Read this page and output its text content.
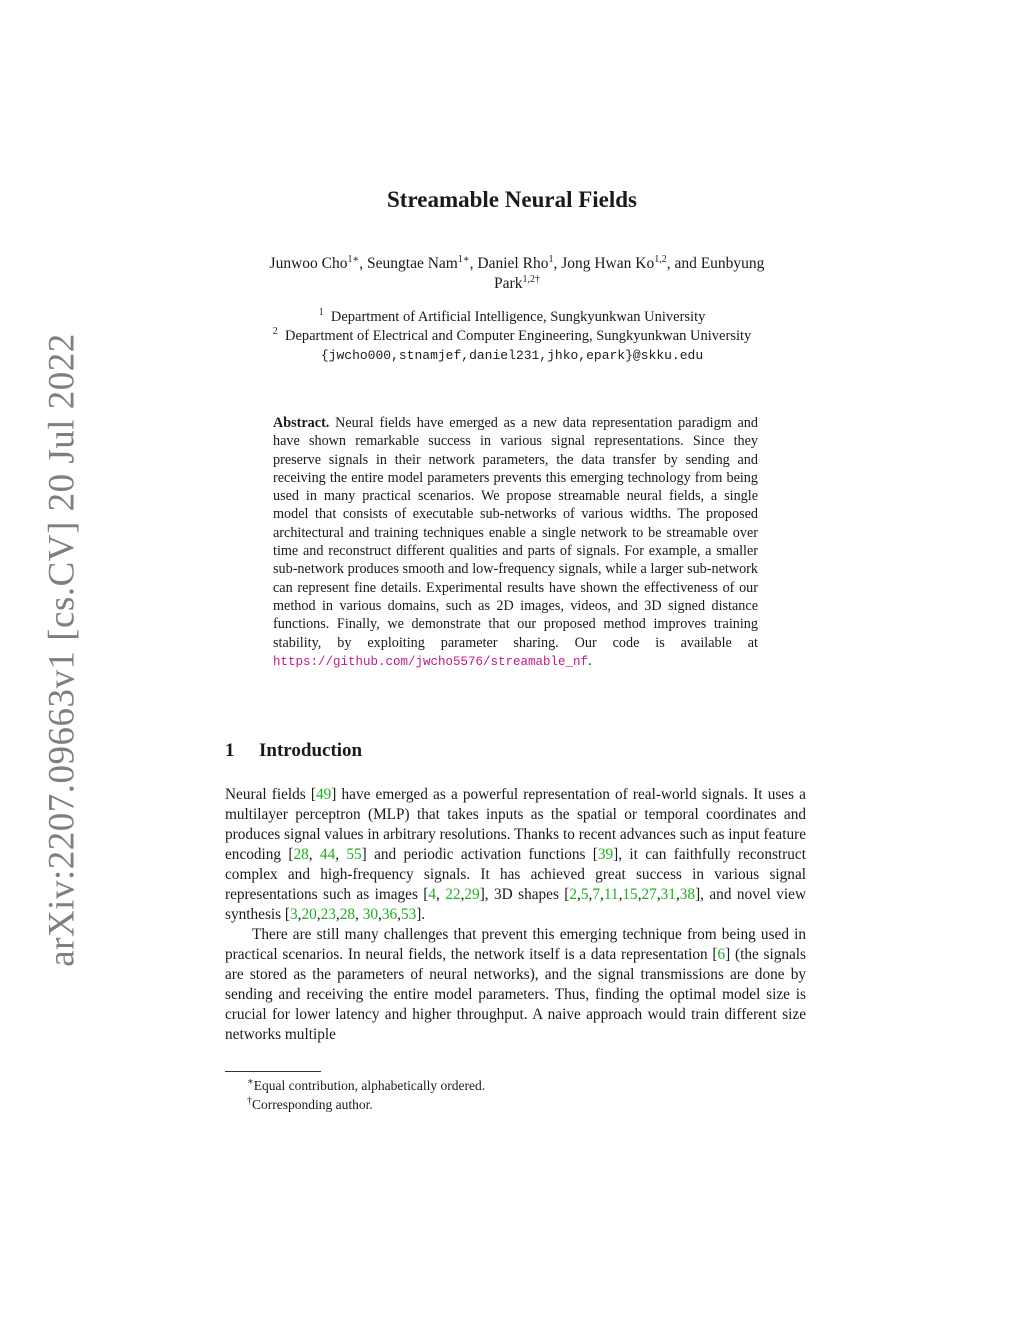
arXiv:2207.09663v1 [cs.CV] 20 Jul 2022
Streamable Neural Fields
Junwoo Cho$^{1∗}$, Seungtae Nam$^{1∗}$, Daniel Rho$^1$, Jong Hwan Ko$^{1,2}$, and Eunbyung
Park$^{1,2\dagger}$
$^1$ Department of Artificial Intelligence, Sungkyunkwan University
$^2$ Department of Electrical and Computer Engineering, Sungkyunkwan University
{jwcho000,stnamjef,daniel231,jhko,epark}@skku.edu
Abstract. Neural fields have emerged as a new data representation paradigm and have shown remarkable success in various signal representations. Since they preserve signals in their network parameters, the data transfer by sending and receiving the entire model parameters prevents this emerging technology from being used in many practical scenarios. We propose streamable neural fields, a single model that consists of executable sub-networks of various widths. The proposed architectural and training techniques enable a single network to be streamable over time and reconstruct different qualities and parts of signals. For example, a smaller sub-network produces smooth and low-frequency signals, while a larger sub-network can represent fine details. Experimental results have shown the effectiveness of our method in various domains, such as 2D images, videos, and 3D signed distance functions. Finally, we demonstrate that our proposed method improves training stability, by exploiting parameter sharing. Our code is available at https://github.com/jwcho5576/streamable_nf.
1 Introduction

Neural fields [49] have emerged as a powerful representation of real-world signals. It uses a multilayer perceptron (MLP) that takes inputs as the spatial or temporal coordinates and produces signal values in arbitrary resolutions. Thanks to recent advances such as input feature encoding [28, 44, 55] and periodic activation functions [39], it can faithfully reconstruct complex and high-frequency signals. It has achieved great success in various signal representations such as images [4, 22,29], 3D shapes [2,5,7,11,15,27,31,38], and novel view synthesis [3,20,23,28, 30,36,53].

There are still many challenges that prevent this emerging technique from being used in practical scenarios. In neural fields, the network itself is a data representation [6] (the signals are stored as the parameters of neural networks), and the signal transmissions are done by sending and receiving the entire model parameters. Thus, finding the optimal model size is crucial for lower latency and higher throughput. A naive approach would train different size networks multiple

∗Equal contribution, alphabetically ordered.
†Corresponding author.
